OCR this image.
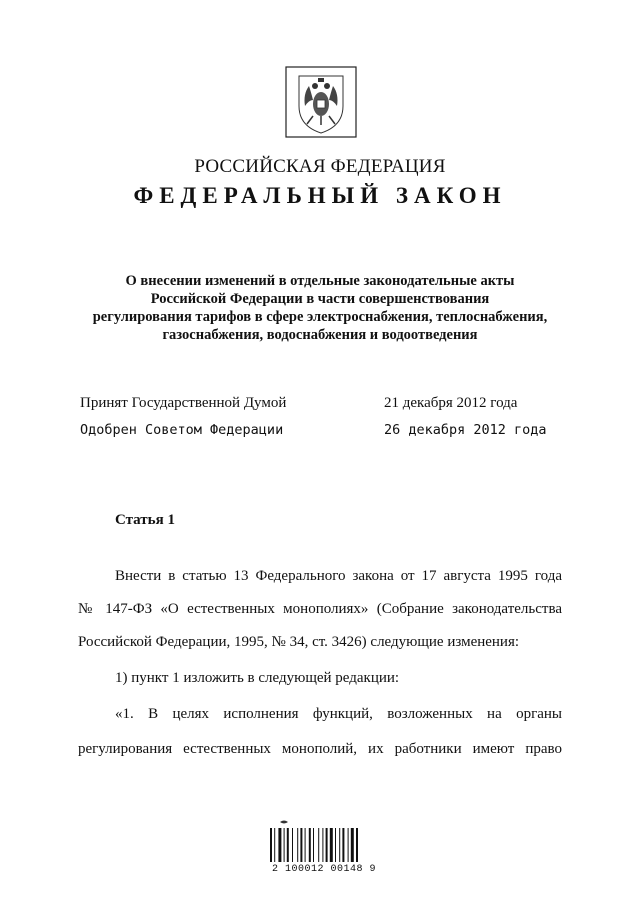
РОССИЙСКАЯ ФЕДЕРАЦИЯ
ФЕДЕРАЛЬНЫЙ ЗАКОН
О внесении изменений в отдельные законодательные акты
Российской Федерации в части совершенствования
регулирования тарифов в сфере электроснабжения, теплоснабжения,
газоснабжения, водоснабжения и водоотведения
Принят Государственной Думой	21 декабря 2012 года
Одобрен Советом Федерации	26 декабря 2012 года
Статья 1
Внести в статью 13 Федерального закона от 17 августа 1995 года
№ 147-ФЗ «О естественных монополиях» (Собрание законодательства
Российской Федерации, 1995, № 34, ст. 3426) следующие изменения:
1) пункт 1 изложить в следующей редакции:
«1. В целях исполнения функций, возложенных на органы
регулирования естественных монополий, их работники имеют право
2 100012 00148 9
